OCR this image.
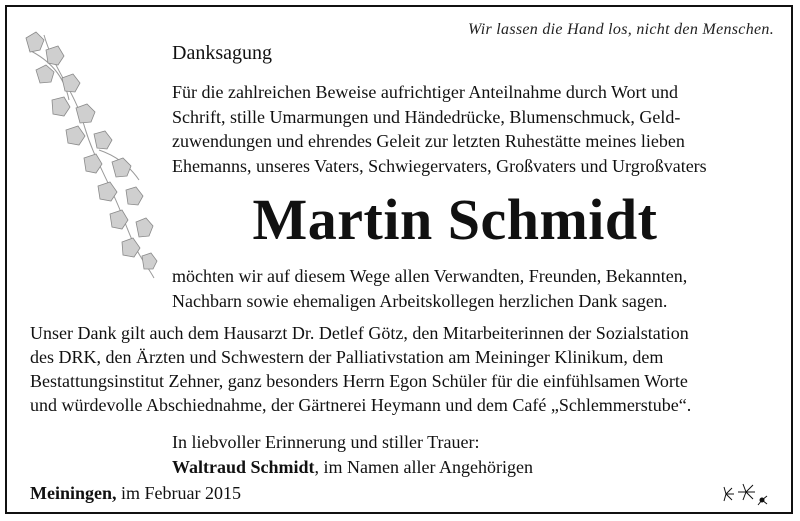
Wir lassen die Hand los, nicht den Menschen.
Danksagung
Für die zahlreichen Beweise aufrichtiger Anteilnahme durch Wort und
Schrift, stille Umarmungen und Händedrücke, Blumenschmuck, Geld-
zuwendungen und ehrendes Geleit zur letzten Ruhestätte meines lieben
Ehemanns, unseres Vaters, Schwiegervaters, Großvaters und Urgroßvaters
Martin Schmidt
möchten wir auf diesem Wege allen Verwandten, Freunden, Bekannten,
Nachbarn sowie ehemaligen Arbeitskollegen herzlichen Dank sagen.
Unser Dank gilt auch dem Hausarzt Dr. Detlef Götz, den Mitarbeiterinnen der Sozialstation
des DRK, den Ärzten und Schwestern der Palliativstation am Meininger Klinikum, dem
Bestattungsinstitut Zehner, ganz besonders Herrn Egon Schüler für die einfühlsamen Worte
und würdevolle Abschiednahme, der Gärtnerei Heymann und dem Café „Schlemmerstube“.
In liebvoller Erinnerung und stiller Trauer:
Waltraud Schmidt, im Namen aller Angehörigen
Meiningen, im Februar 2015
